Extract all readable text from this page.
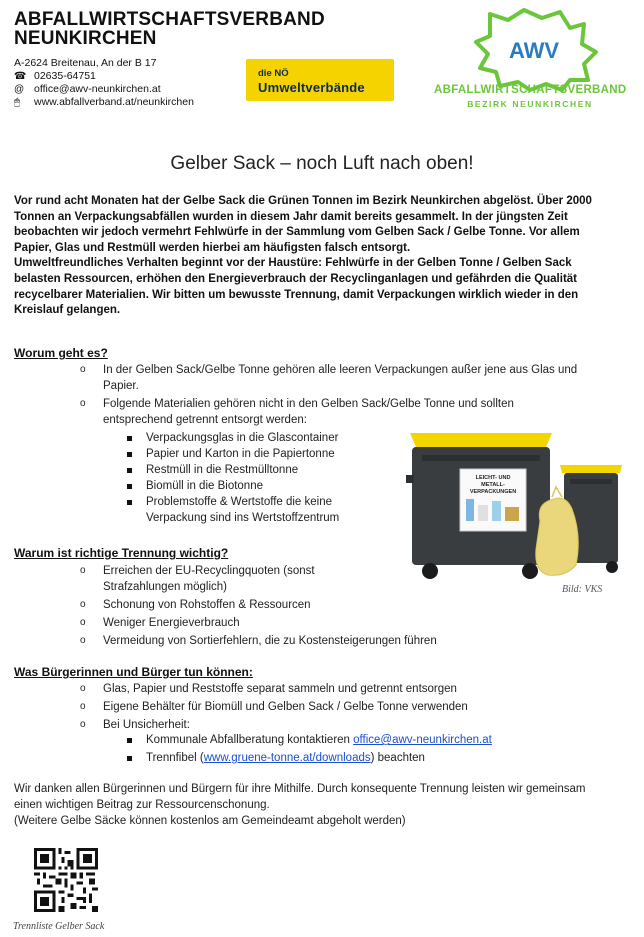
ABFALLWIRTSCHAFTSVERBAND
NEUNKIRCHEN
A-2624 Breitenau, An der B 17
☎ 02635-64751
@ office@awv-neunkirchen.at
🖱	www.abfallverband.at/neunkirchen
die NÖ
Umweltverbände
AWV
ABFALLWIRTSCHAFTSVERBAND
BEZIRK NEUNKIRCHEN
Gelber Sack – noch Luft nach oben!

Vor rund acht Monaten hat der Gelbe Sack die Grünen Tonnen im Bezirk Neunkirchen abgelöst. Über 2000 Tonnen an Verpackungsabfällen wurden in diesem Jahr damit bereits gesammelt. In der jüngsten Zeit beobachten wir jedoch vermehrt Fehlwürfe in der Sammlung vom Gelben Sack / Gelbe Tonne. Vor allem Papier, Glas und Restmüll werden hierbei am häufigsten falsch entsorgt.

Umweltfreundliches Verhalten beginnt vor der Haustüre: Fehlwürfe in der Gelben Tonne / Gelben Sack belasten Ressourcen, erhöhen den Energieverbrauch der Recyclinganlagen und gefährden die Qualität recycelbarer Materialien. Wir bitten um bewusste Trennung, damit Verpackungen wirklich wieder in den Kreislauf gelangen.

Worum geht es?
o In der Gelben Sack/Gelbe Tonne gehören alle leeren Verpackungen außer jene aus Glas und Papier.
o Folgende Materialien gehören nicht in den Gelben Sack/Gelbe Tonne und sollten entsprechend getrennt entsorgt werden:
Verpackungsglas in die Glascontainer
Papier und Karton in die Papiertonne
Restmüll in die Restmülltonne
Biomüll in die Biotonne
Problemstoffe & Wertstoffe die keine Verpackung sind ins Wertstoffzentrum
LEICHT- UND
METALL-
VERPACKUNGEN
Bild: VKS
Warum ist richtige Trennung wichtig?
o Erreichen der EU-Recyclingquoten (sonst Strafzahlungen möglich)
o Schonung von Rohstoffen & Ressourcen
o Weniger Energieverbrauch
o Vermeidung von Sortierfehlern, die zu Kostensteigerungen führen
Was Bürgerinnen und Bürger tun können:
o Glas, Papier und Reststoffe separat sammeln und getrennt entsorgen
o Eigene Behälter für Biomüll und Gelben Sack / Gelbe Tonne verwenden
o Bei Unsicherheit:
Kommunale Abfallberatung kontaktieren office@awv-neunkirchen.at
Trennfibel (www.gruene-tonne.at/downloads) beachten

Wir danken allen Bürgerinnen und Bürgern für ihre Mithilfe. Durch konsequente Trennung leisten wir gemeinsam einen wichtigen Beitrag zur Ressourcenschonung.

(Weitere Gelbe Säcke können kostenlos am Gemeindeamt abgeholt werden)

Trennliste Gelber Sack
